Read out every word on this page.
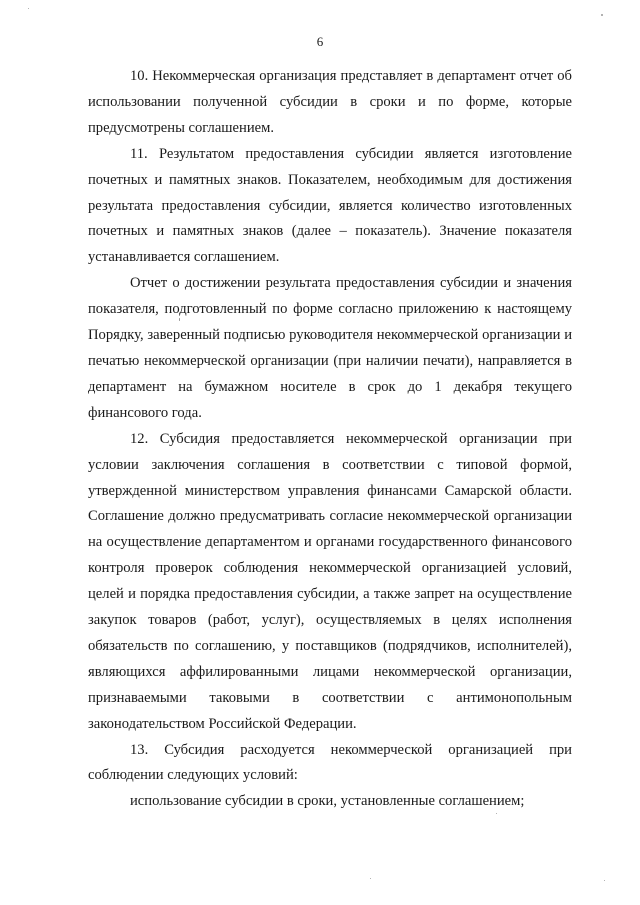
6

10. Некоммерческая организация представляет в департамент отчет об использовании полученной субсидии в сроки и по форме, которые предусмотрены соглашением.

11. Результатом предоставления субсидии является изготовление почетных и памятных знаков. Показателем, необходимым для достижения результата предоставления субсидии, является количество изготовленных почетных и памятных знаков (далее – показатель). Значение показателя устанавливается соглашением.

Отчет о достижении результата предоставления субсидии и значения показателя, подготовленный по форме согласно приложению к настоящему Порядку, заверенный подписью руководителя некоммерческой организации и печатью некоммерческой организации (при наличии печати), направляется в департамент на бумажном носителе в срок до 1 декабря текущего финансового года.

12. Субсидия предоставляется некоммерческой организации при условии заключения соглашения в соответствии с типовой формой, утвержденной министерством управления финансами Самарской области. Соглашение должно предусматривать согласие некоммерческой организации на осуществление департаментом и органами государственного финансового контроля проверок соблюдения некоммерческой организацией условий, целей и порядка предоставления субсидии, а также запрет на осуществление закупок товаров (работ, услуг), осуществляемых в целях исполнения обязательств по соглашению, у поставщиков (подрядчиков, исполнителей), являющихся аффилированными лицами некоммерческой организации, признаваемыми таковыми в соответствии с антимонопольным законодательством Российской Федерации.

13. Субсидия расходуется некоммерческой организацией при соблюдении следующих условий:

использование субсидии в сроки, установленные соглашением;
